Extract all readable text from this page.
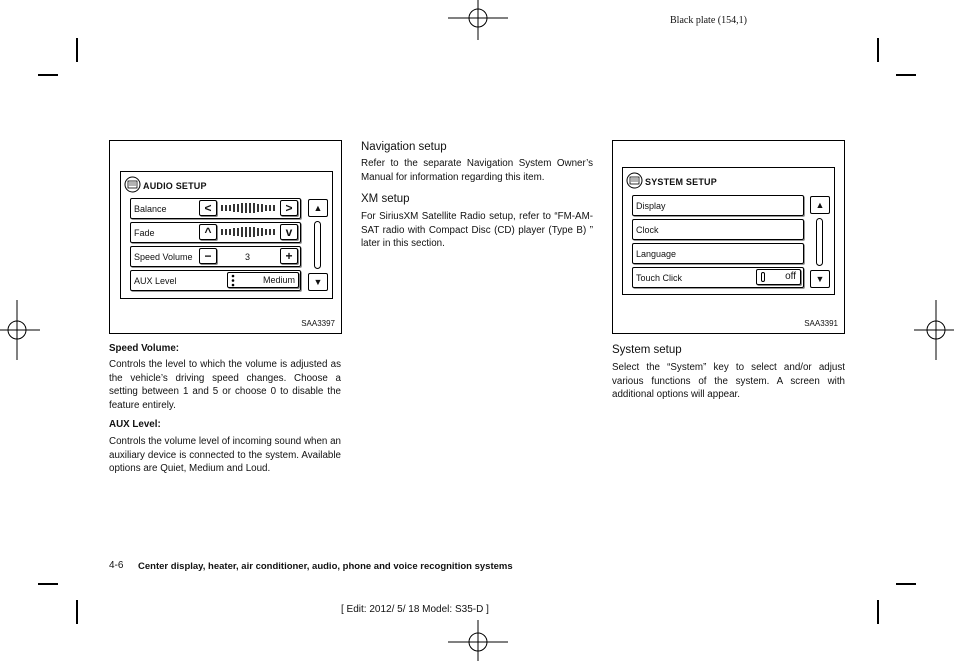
Black plate (154,1)
AUDIO SETUP
Balance	<	>
Fade	^	v
Speed Volume −	3	+
AUX Level	Medium
▲
▼
SAA3397
Speed Volume:
Controls the level to which the volume is adjusted as the vehicle’s driving speed changes. Choose a setting between 1 and 5 or choose 0 to disable the feature entirely.
AUX Level:
Controls the volume level of incoming sound when an auxiliary device is connected to the system. Available options are Quiet, Medium and Loud.
Navigation setup
Refer to the separate Navigation System Owner’s Manual for information regarding this item.
XM setup
For SiriusXM Satellite Radio setup, refer to “FM-AM-SAT radio with Compact Disc (CD) player (Type B) ” later in this section.
SYSTEM SETUP
Display
Clock
Language
Touch Click	off
▲
▼
SAA3391
System setup
Select the “System” key to select and/or adjust various functions of the system. A screen with additional options will appear.
4-6 Center display, heater, air conditioner, audio, phone and voice recognition systems
[ Edit: 2012/ 5/ 18 Model: S35-D ]
